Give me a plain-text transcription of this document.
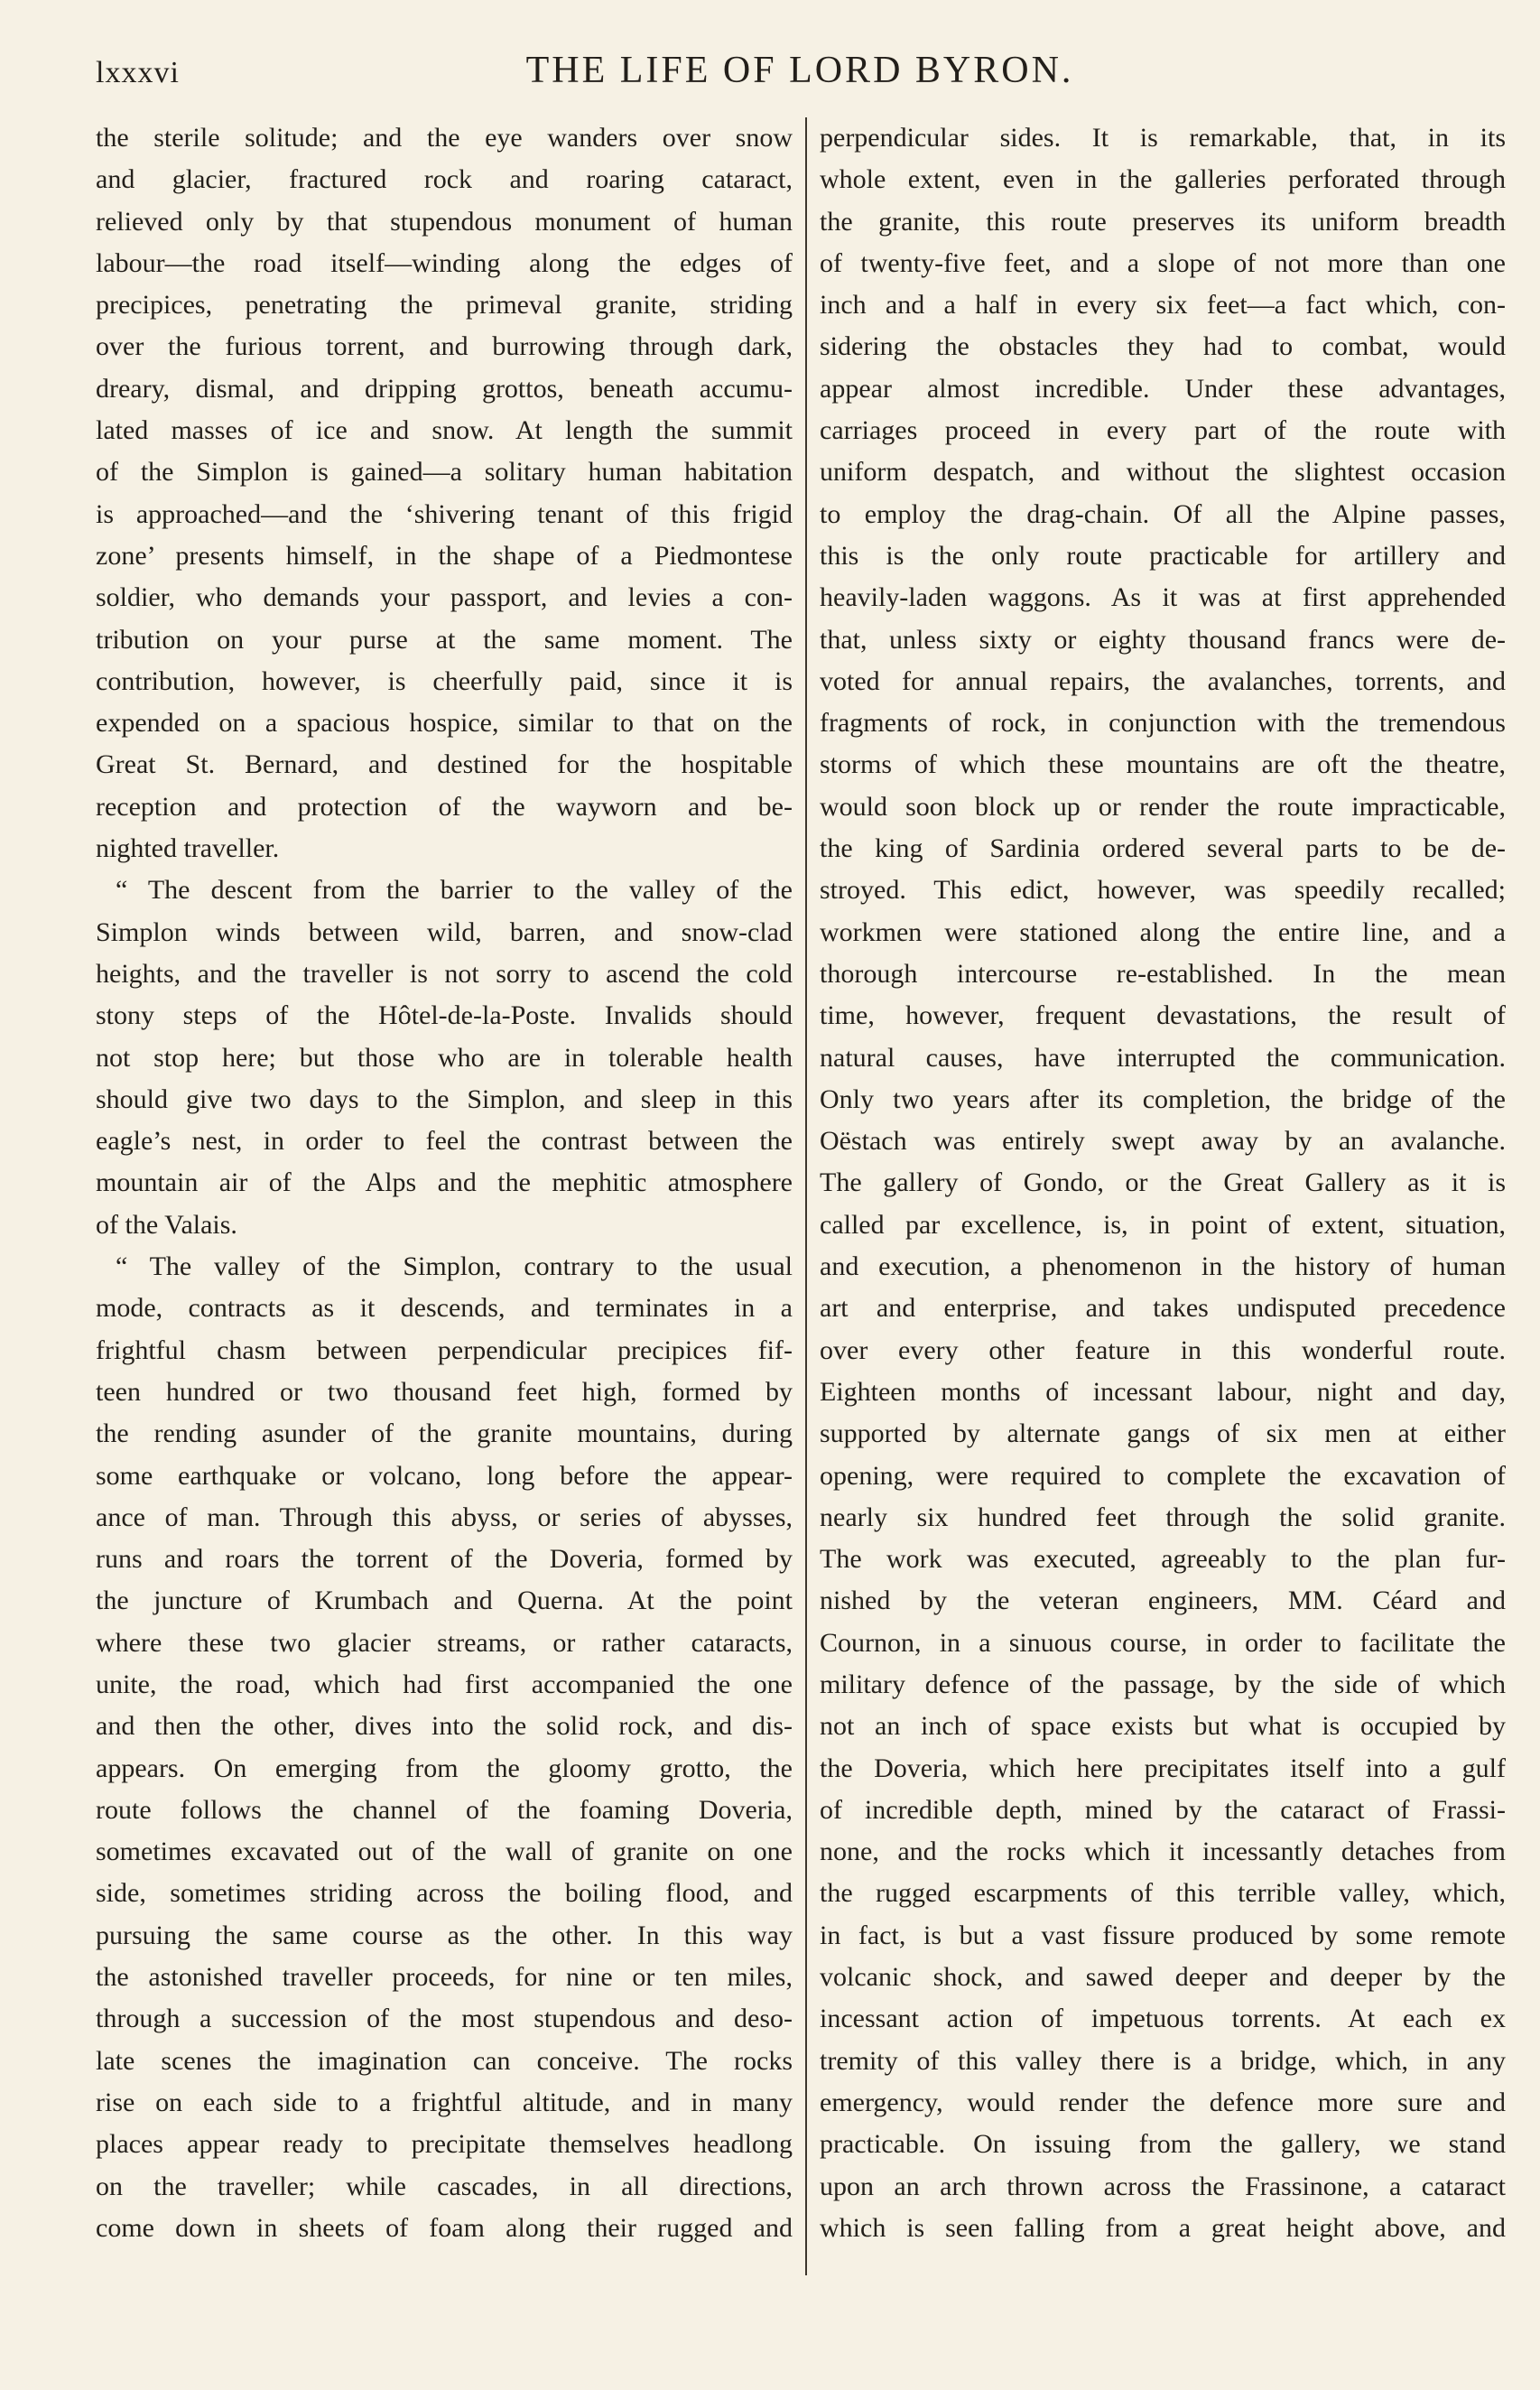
lxxxvi	THE LIFE OF LORD BYRON.
the sterile solitude; and the eye wanders over snow
and glacier, fractured rock and roaring cataract,
relieved only by that stupendous monument of human
labour—the road itself—winding along the edges of
precipices, penetrating the primeval granite, striding
over the furious torrent, and burrowing through dark,
dreary, dismal, and dripping grottos, beneath accumu-
lated masses of ice and snow. At length the summit
of the Simplon is gained—a solitary human habitation
is approached—and the ‘shivering tenant of this frigid
zone’ presents himself, in the shape of a Piedmontese
soldier, who demands your passport, and levies a con-
tribution on your purse at the same moment. The
contribution, however, is cheerfully paid, since it is
expended on a spacious hospice, similar to that on the
Great St. Bernard, and destined for the hospitable
reception and protection of the wayworn and be-
nighted traveller.
“ The descent from the barrier to the valley of the
Simplon winds between wild, barren, and snow-clad
heights, and the traveller is not sorry to ascend the cold
stony steps of the Hôtel-de-la-Poste. Invalids should
not stop here; but those who are in tolerable health
should give two days to the Simplon, and sleep in this
eagle’s nest, in order to feel the contrast between the
mountain air of the Alps and the mephitic atmosphere
of the Valais.
“ The valley of the Simplon, contrary to the usual
mode, contracts as it descends, and terminates in a
frightful chasm between perpendicular precipices fif-
teen hundred or two thousand feet high, formed by
the rending asunder of the granite mountains, during
some earthquake or volcano, long before the appear-
ance of man. Through this abyss, or series of abysses,
runs and roars the torrent of the Doveria, formed by
the juncture of Krumbach and Querna. At the point
where these two glacier streams, or rather cataracts,
unite, the road, which had first accompanied the one
and then the other, dives into the solid rock, and dis-
appears. On emerging from the gloomy grotto, the
route follows the channel of the foaming Doveria,
sometimes excavated out of the wall of granite on one
side, sometimes striding across the boiling flood, and
pursuing the same course as the other. In this way
the astonished traveller proceeds, for nine or ten miles,
through a succession of the most stupendous and deso-
late scenes the imagination can conceive. The rocks
rise on each side to a frightful altitude, and in many
places appear ready to precipitate themselves headlong
on the traveller; while cascades, in all directions,
come down in sheets of foam along their rugged and
perpendicular sides. It is remarkable, that, in its
whole extent, even in the galleries perforated through
the granite, this route preserves its uniform breadth
of twenty-five feet, and a slope of not more than one
inch and a half in every six feet—a fact which, con-
sidering the obstacles they had to combat, would
appear almost incredible. Under these advantages,
carriages proceed in every part of the route with
uniform despatch, and without the slightest occasion
to employ the drag-chain. Of all the Alpine passes,
this is the only route practicable for artillery and
heavily-laden waggons. As it was at first apprehended
that, unless sixty or eighty thousand francs were de-
voted for annual repairs, the avalanches, torrents, and
fragments of rock, in conjunction with the tremendous
storms of which these mountains are oft the theatre,
would soon block up or render the route impracticable,
the king of Sardinia ordered several parts to be de-
stroyed. This edict, however, was speedily recalled;
workmen were stationed along the entire line, and a
thorough intercourse re-established. In the mean
time, however, frequent devastations, the result of
natural causes, have interrupted the communication.
Only two years after its completion, the bridge of the
Oëstach was entirely swept away by an avalanche.
The gallery of Gondo, or the Great Gallery as it is
called par excellence, is, in point of extent, situation,
and execution, a phenomenon in the history of human
art and enterprise, and takes undisputed precedence
over every other feature in this wonderful route.
Eighteen months of incessant labour, night and day,
supported by alternate gangs of six men at either
opening, were required to complete the excavation of
nearly six hundred feet through the solid granite.
The work was executed, agreeably to the plan fur-
nished by the veteran engineers, MM. Céard and
Cournon, in a sinuous course, in order to facilitate the
military defence of the passage, by the side of which
not an inch of space exists but what is occupied by
the Doveria, which here precipitates itself into a gulf
of incredible depth, mined by the cataract of Frassi-
none, and the rocks which it incessantly detaches from
the rugged escarpments of this terrible valley, which,
in fact, is but a vast fissure produced by some remote
volcanic shock, and sawed deeper and deeper by the
incessant action of impetuous torrents. At each ex
tremity of this valley there is a bridge, which, in any
emergency, would render the defence more sure and
practicable. On issuing from the gallery, we stand
upon an arch thrown across the Frassinone, a cataract
which is seen falling from a great height above, and
